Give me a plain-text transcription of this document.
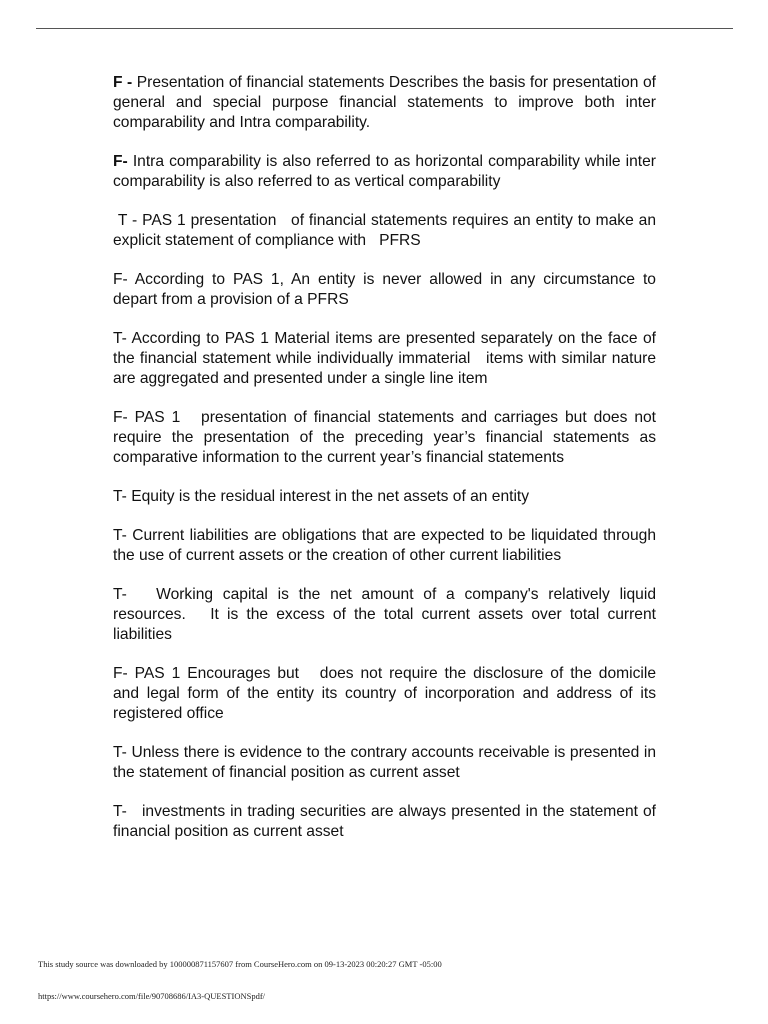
F - Presentation of financial statements Describes the basis for presentation of general and special purpose financial statements to improve both inter comparability and Intra comparability.

F- Intra comparability is also referred to as horizontal comparability while inter comparability is also referred to as vertical comparability

T - PAS 1 presentation   of financial statements requires an entity to make an explicit statement of compliance with   PFRS

F- According to PAS 1, An entity is never allowed in any circumstance to depart from a provision of a PFRS

T- According to PAS 1 Material items are presented separately on the face of the financial statement while individually immaterial   items with similar nature are aggregated and presented under a single line item

F- PAS 1   presentation of financial statements and carriages but does not require the presentation of the preceding year’s financial statements as comparative information to the current year’s financial statements

T- Equity is the residual interest in the net assets of an entity

T- Current liabilities are obligations that are expected to be liquidated through the use of current assets or the creation of other current liabilities

T-   Working capital is the net amount of a company's relatively liquid resources.   It is the excess of the total current assets over total current liabilities

F- PAS 1 Encourages but   does not require the disclosure of the domicile   and legal form of the entity its country of incorporation and address of its registered office

T- Unless there is evidence to the contrary accounts receivable is presented in the statement of financial position as current asset

T-   investments in trading securities are always presented in the statement of financial position as current asset

This study source was downloaded by 100000871157607 from CourseHero.com on 09-13-2023 00:20:27 GMT -05:00
https://www.coursehero.com/file/90708686/IA3-QUESTIONSpdf/
